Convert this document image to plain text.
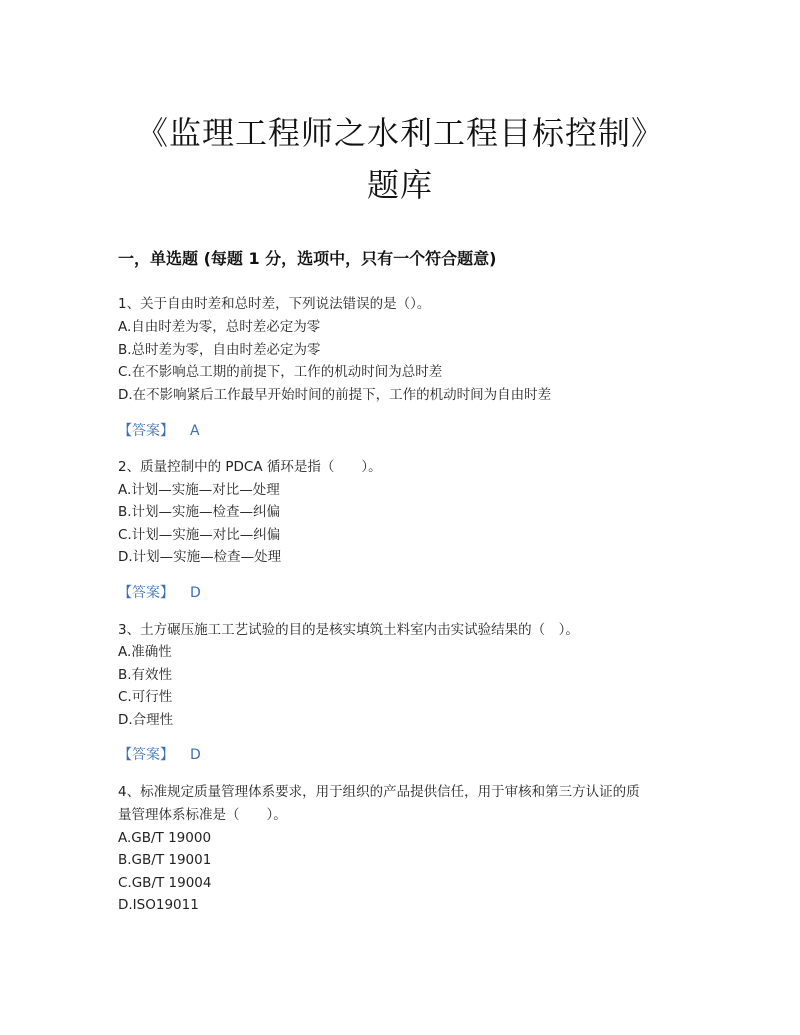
《监理工程师之水利工程目标控制》
题库
一，单选题 (每题 1 分，选项中，只有一个符合题意)
1、关于自由时差和总时差，下列说法错误的是（）。
A.自由时差为零，总时差必定为零
B.总时差为零，自由时差必定为零
C.在不影响总工期的前提下，工作的机动时间为总时差
D.在不影响紧后工作最早开始时间的前提下，工作的机动时间为自由时差
【答案】 A
2、质量控制中的 PDCA 循环是指（　　）。
A.计划—实施—对比—处理
B.计划—实施—检查—纠偏
C.计划—实施—对比—纠偏
D.计划—实施—检查—处理
【答案】 D
3、土方碾压施工工艺试验的目的是核实填筑土料室内击实试验结果的（　）。
A.准确性
B.有效性
C.可行性
D.合理性
【答案】 D
4、标准规定质量管理体系要求，用于组织的产品提供信任，用于审核和第三方认证的质
量管理体系标准是（　　）。
A.GB/T 19000
B.GB/T 19001
C.GB/T 19004
D.ISO19011
